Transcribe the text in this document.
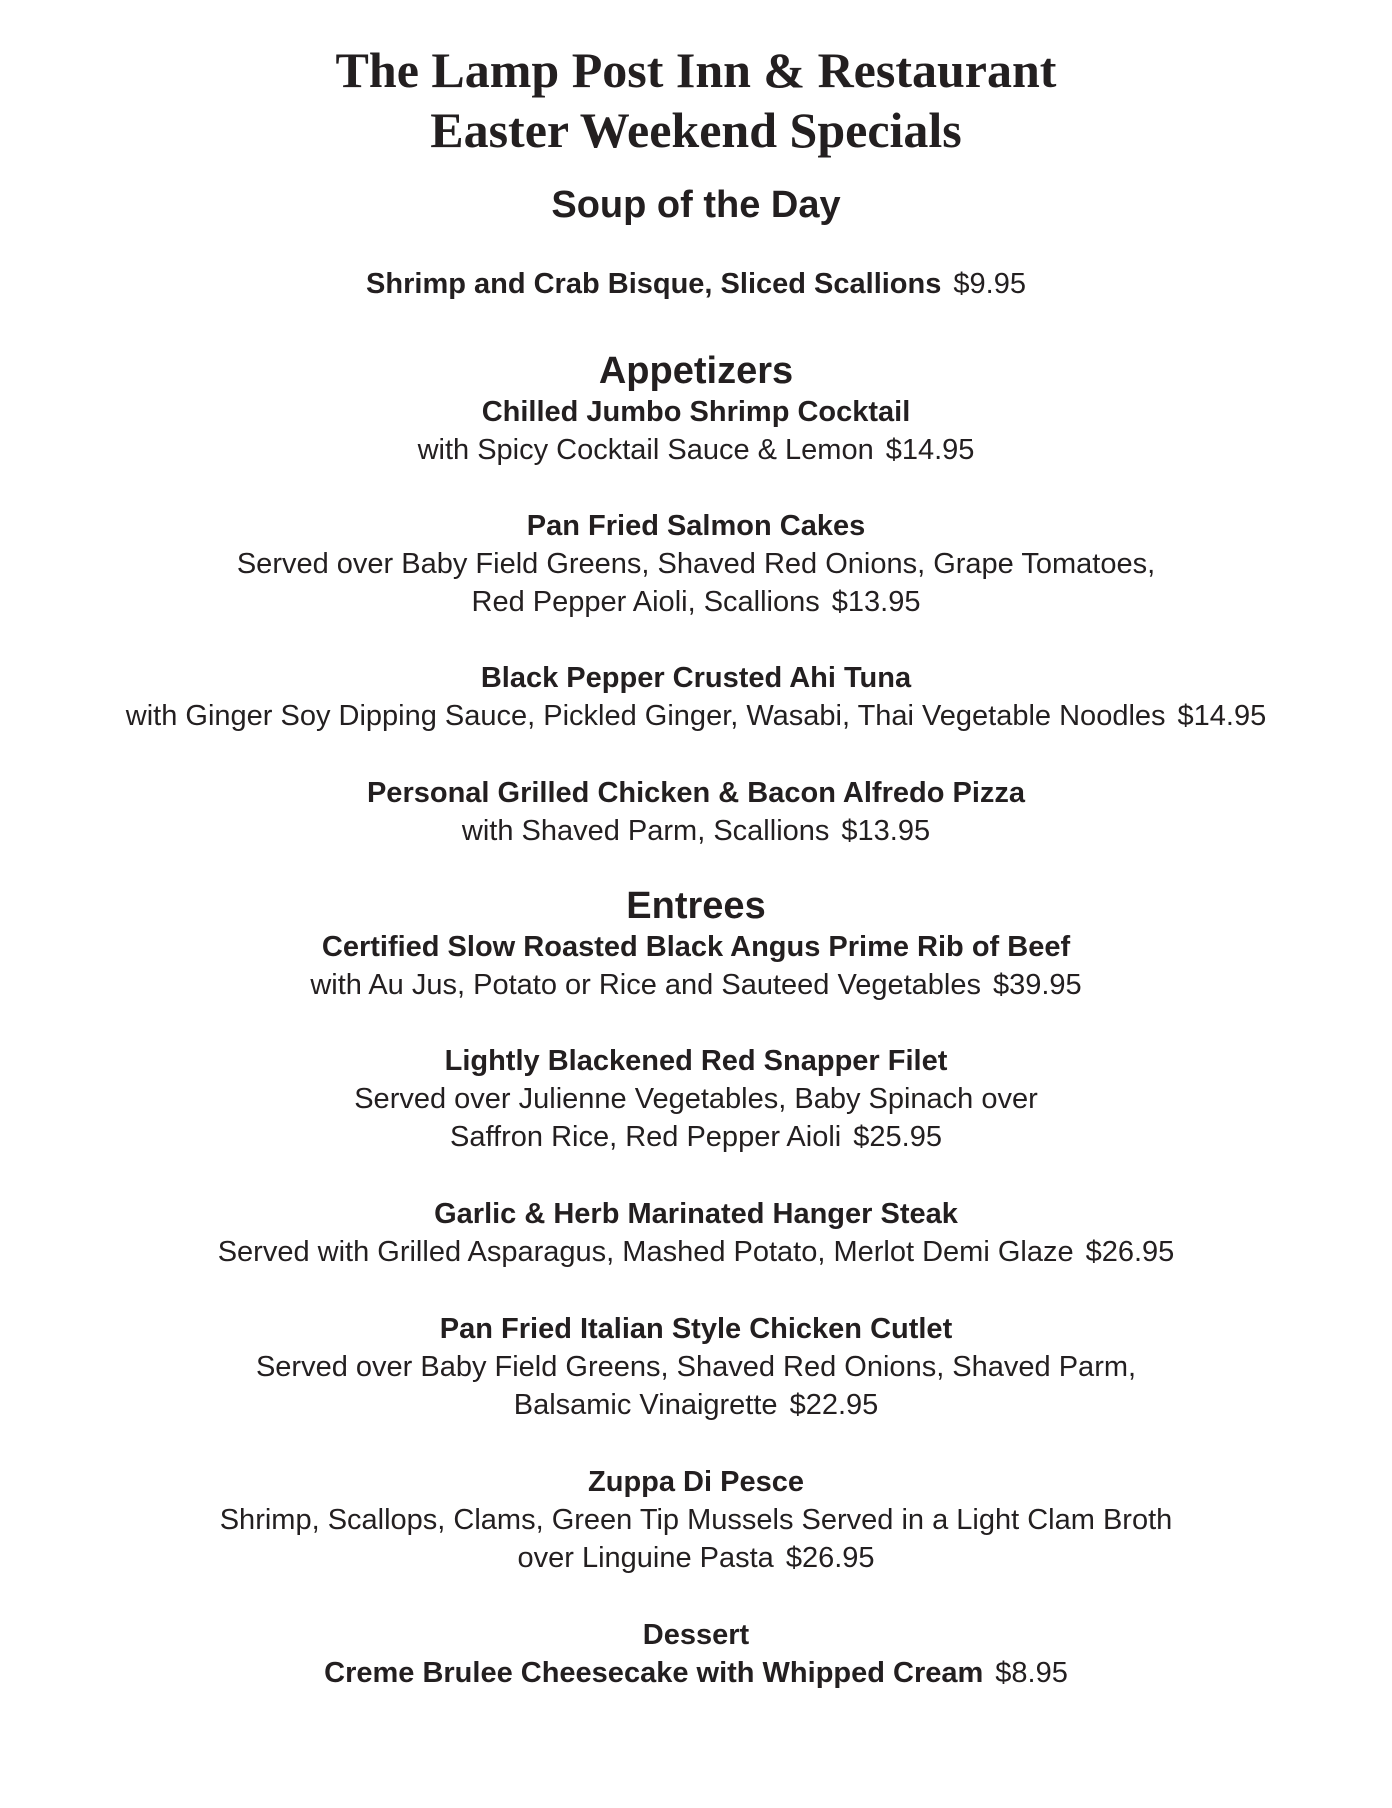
The Lamp Post Inn & Restaurant
Easter Weekend Specials
Soup of the Day
Shrimp and Crab Bisque, Sliced Scallions $9.95
Appetizers
Chilled Jumbo Shrimp Cocktail
with Spicy Cocktail Sauce & Lemon $14.95
Pan Fried Salmon Cakes
Served over Baby Field Greens, Shaved Red Onions, Grape Tomatoes,
Red Pepper Aioli, Scallions $13.95
Black Pepper Crusted Ahi Tuna
with Ginger Soy Dipping Sauce, Pickled Ginger, Wasabi, Thai Vegetable Noodles $14.95
Personal Grilled Chicken & Bacon Alfredo Pizza
with Shaved Parm, Scallions $13.95
Entrees
Certified Slow Roasted Black Angus Prime Rib of Beef
with Au Jus, Potato or Rice and Sauteed Vegetables $39.95
Lightly Blackened Red Snapper Filet
Served over Julienne Vegetables, Baby Spinach over
Saffron Rice, Red Pepper Aioli $25.95
Garlic & Herb Marinated Hanger Steak
Served with Grilled Asparagus, Mashed Potato, Merlot Demi Glaze $26.95
Pan Fried Italian Style Chicken Cutlet
Served over Baby Field Greens, Shaved Red Onions, Shaved Parm,
Balsamic Vinaigrette $22.95
Zuppa Di Pesce
Shrimp, Scallops, Clams, Green Tip Mussels Served in a Light Clam Broth
over Linguine Pasta $26.95
Dessert
Creme Brulee Cheesecake with Whipped Cream $8.95
